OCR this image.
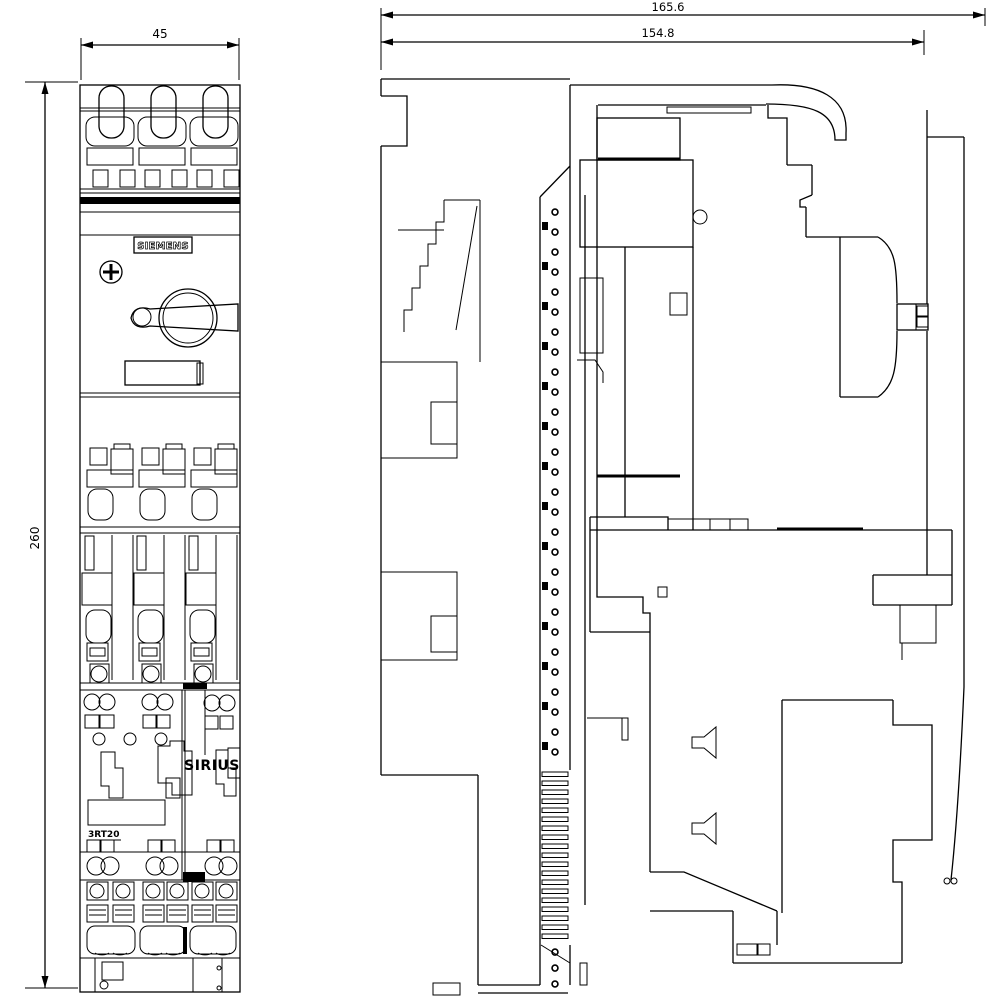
45
260
SIEMENS
SIRIUS
3RT20
165.6
154.8
